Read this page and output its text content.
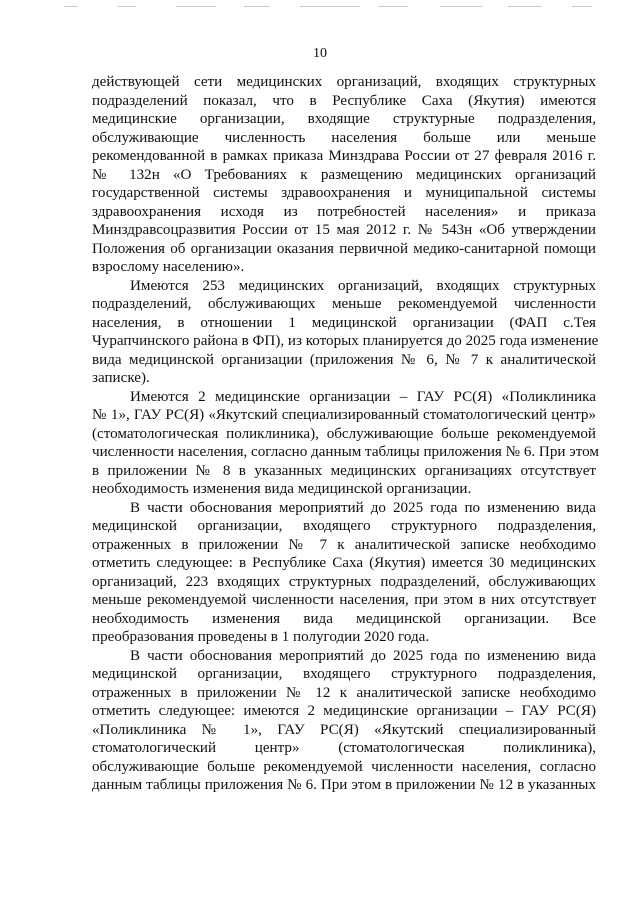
10
действующей сети медицинских организаций, входящих структурных
подразделений показал, что в Республике Саха (Якутия) имеются
медицинские организации, входящие структурные подразделения,
обслуживающие численность населения больше или меньше
рекомендованной в рамках приказа Минздрава России от 27 февраля 2016 г.
№ 132н «О Требованиях к размещению медицинских организаций
государственной системы здравоохранения и муниципальной системы
здравоохранения исходя из потребностей населения» и приказа
Минздравсоцразвития России от 15 мая 2012 г. № 543н «Об утверждении
Положения об организации оказания первичной медико-санитарной помощи
взрослому населению».
Имеются 253 медицинских организаций, входящих структурных
подразделений, обслуживающих меньше рекомендуемой численности
населения, в отношении 1 медицинской организации (ФАП с.Тея
Чурапчинского района в ФП), из которых планируется до 2025 года изменение
вида медицинской организации (приложения № 6, № 7 к аналитической
записке).
Имеются 2 медицинские организации – ГАУ РС(Я) «Поликлиника
№ 1», ГАУ РС(Я) «Якутский специализированный стоматологический центр»
(стоматологическая поликлиника), обслуживающие больше рекомендуемой
численности населения, согласно данным таблицы приложения № 6. При этом
в приложении № 8 в указанных медицинских организациях отсутствует
необходимость изменения вида медицинской организации.
В части обоснования мероприятий до 2025 года по изменению вида
медицинской организации, входящего структурного подразделения,
отраженных в приложении № 7 к аналитической записке необходимо
отметить следующее: в Республике Саха (Якутия) имеется 30 медицинских
организаций, 223 входящих структурных подразделений, обслуживающих
меньше рекомендуемой численности населения, при этом в них отсутствует
необходимость изменения вида медицинской организации. Все
преобразования проведены в 1 полугодии 2020 года.
В части обоснования мероприятий до 2025 года по изменению вида
медицинской организации, входящего структурного подразделения,
отраженных в приложении № 12 к аналитической записке необходимо
отметить следующее: имеются 2 медицинские организации – ГАУ РС(Я)
«Поликлиника № 1», ГАУ РС(Я) «Якутский специализированный
стоматологический центр» (стоматологическая поликлиника),
обслуживающие больше рекомендуемой численности населения, согласно
данным таблицы приложения № 6. При этом в приложении № 12 в указанных
